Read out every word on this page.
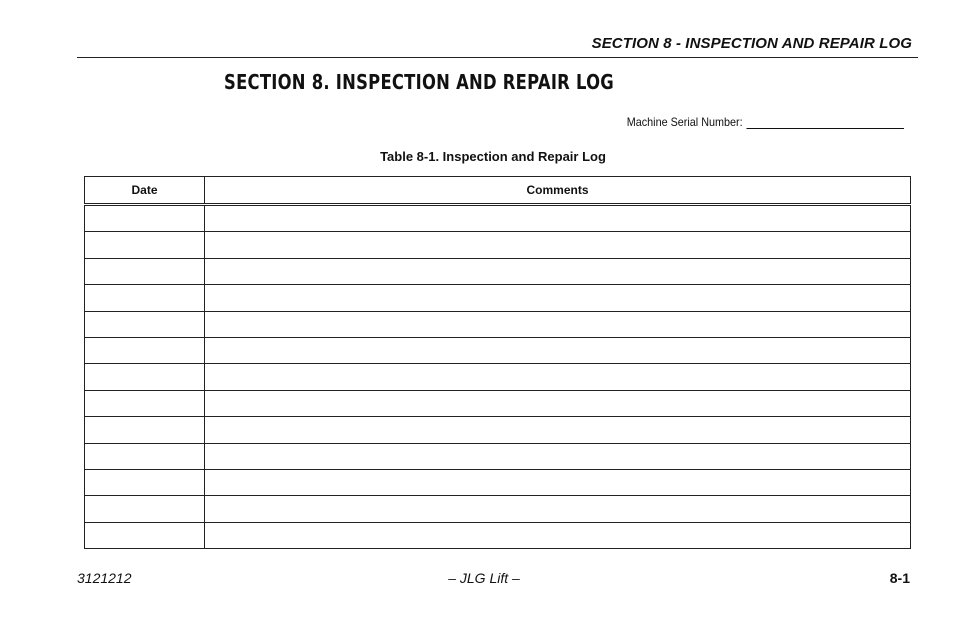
SECTION 8 - INSPECTION AND REPAIR LOG
SECTION 8. INSPECTION AND REPAIR LOG
Machine Serial Number:
Table 8-1. Inspection and Repair Log
Date	Comments

3121212	– JLG Lift –	8-1
